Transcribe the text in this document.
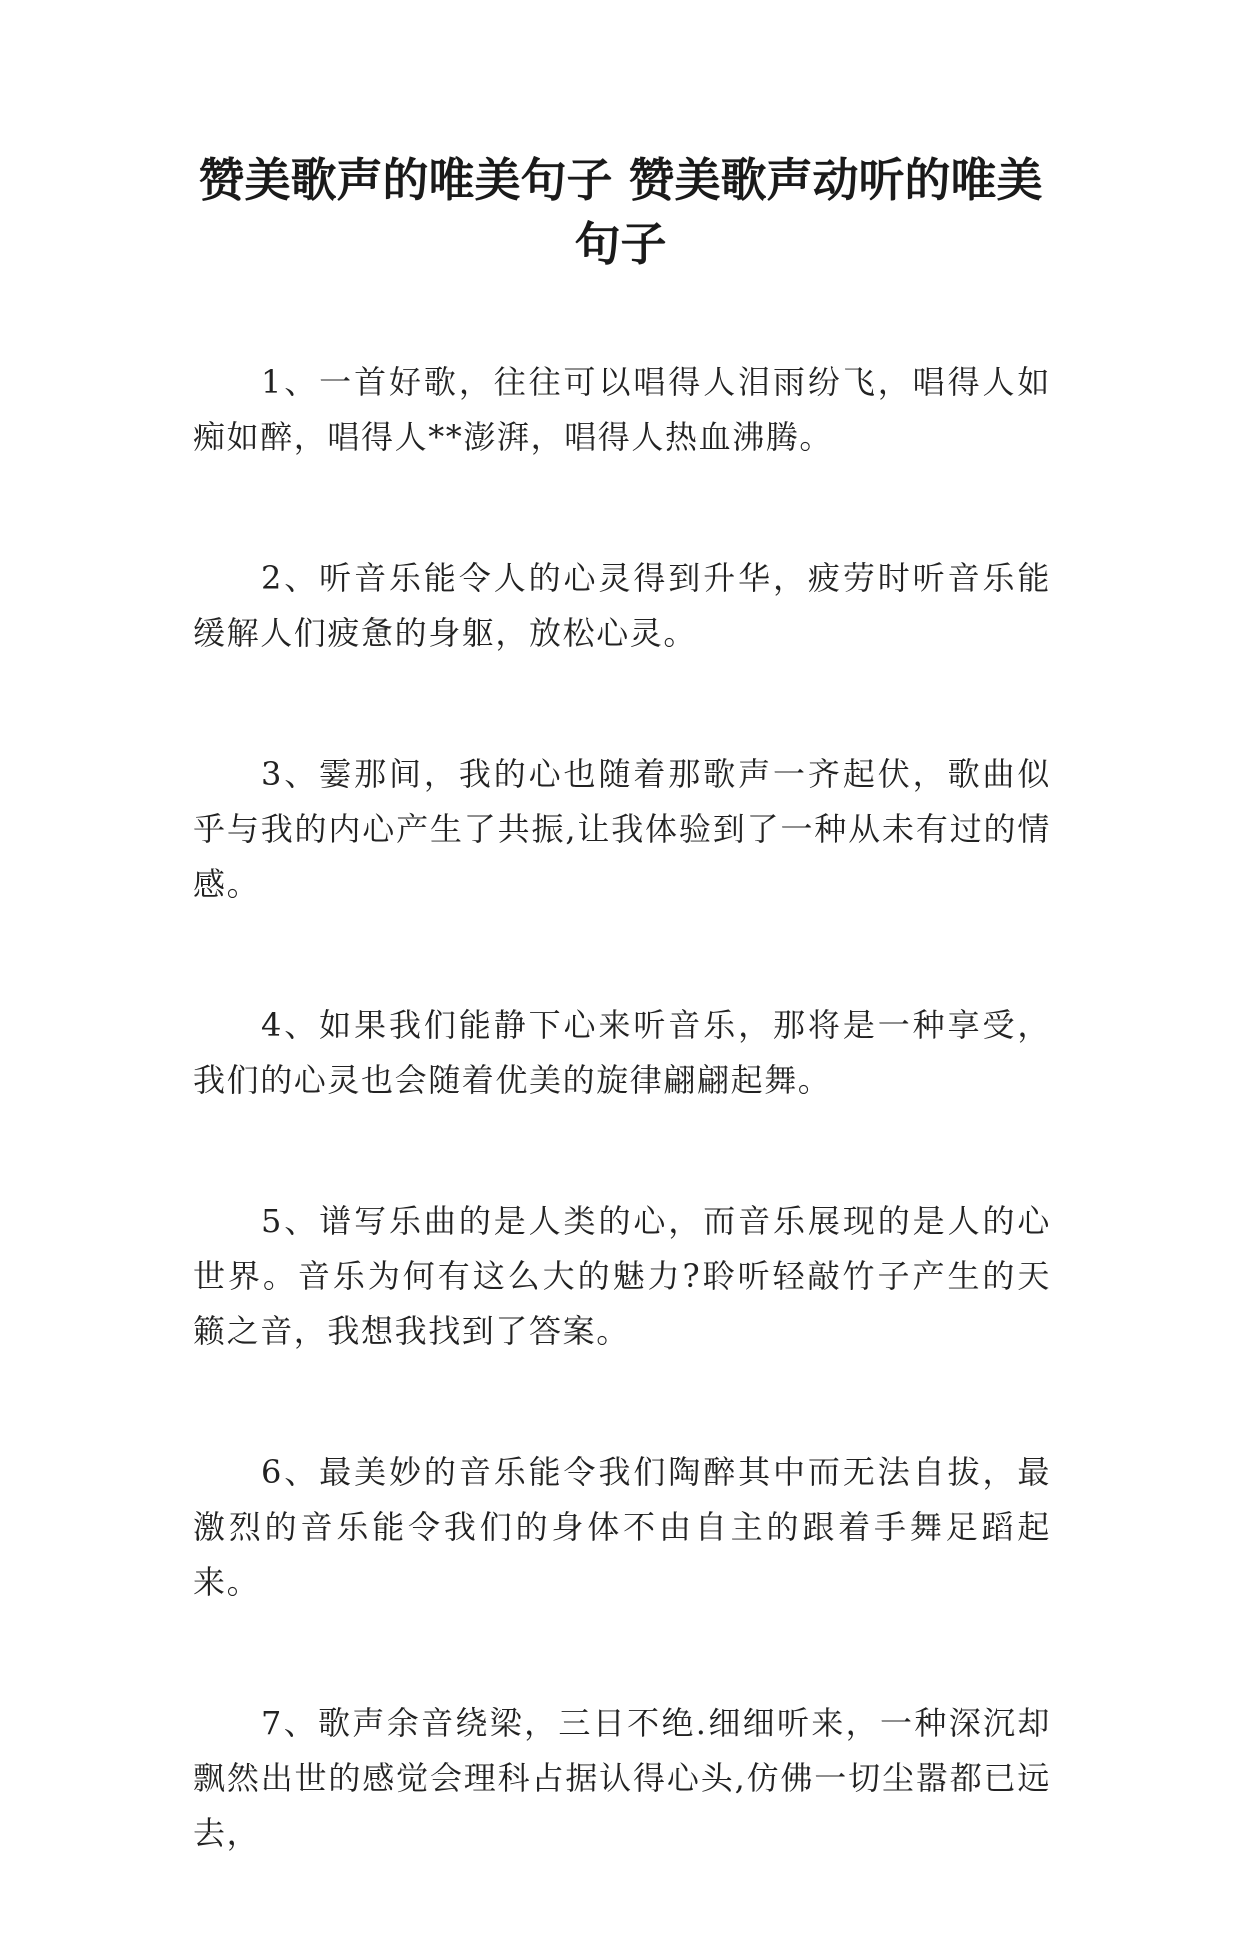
赞美歌声的唯美句子 赞美歌声动听的唯美句子

1、一首好歌，往往可以唱得人泪雨纷飞，唱得人如痴如醉，唱得人**澎湃，唱得人热血沸腾。

2、听音乐能令人的心灵得到升华，疲劳时听音乐能缓解人们疲惫的身躯，放松心灵。

3、霎那间，我的心也随着那歌声一齐起伏，歌曲似乎与我的内心产生了共振,让我体验到了一种从未有过的情感。

4、如果我们能静下心来听音乐，那将是一种享受，我们的心灵也会随着优美的旋律翩翩起舞。

5、谱写乐曲的是人类的心，而音乐展现的是人的心世界。音乐为何有这么大的魅力?聆听轻敲竹子产生的天籁之音，我想我找到了答案。

6、最美妙的音乐能令我们陶醉其中而无法自拔，最激烈的音乐能令我们的身体不由自主的跟着手舞足蹈起来。

7、歌声余音绕梁，三日不绝.细细听来，一种深沉却飘然出世的感觉会理科占据认得心头,仿佛一切尘嚣都已远去，
